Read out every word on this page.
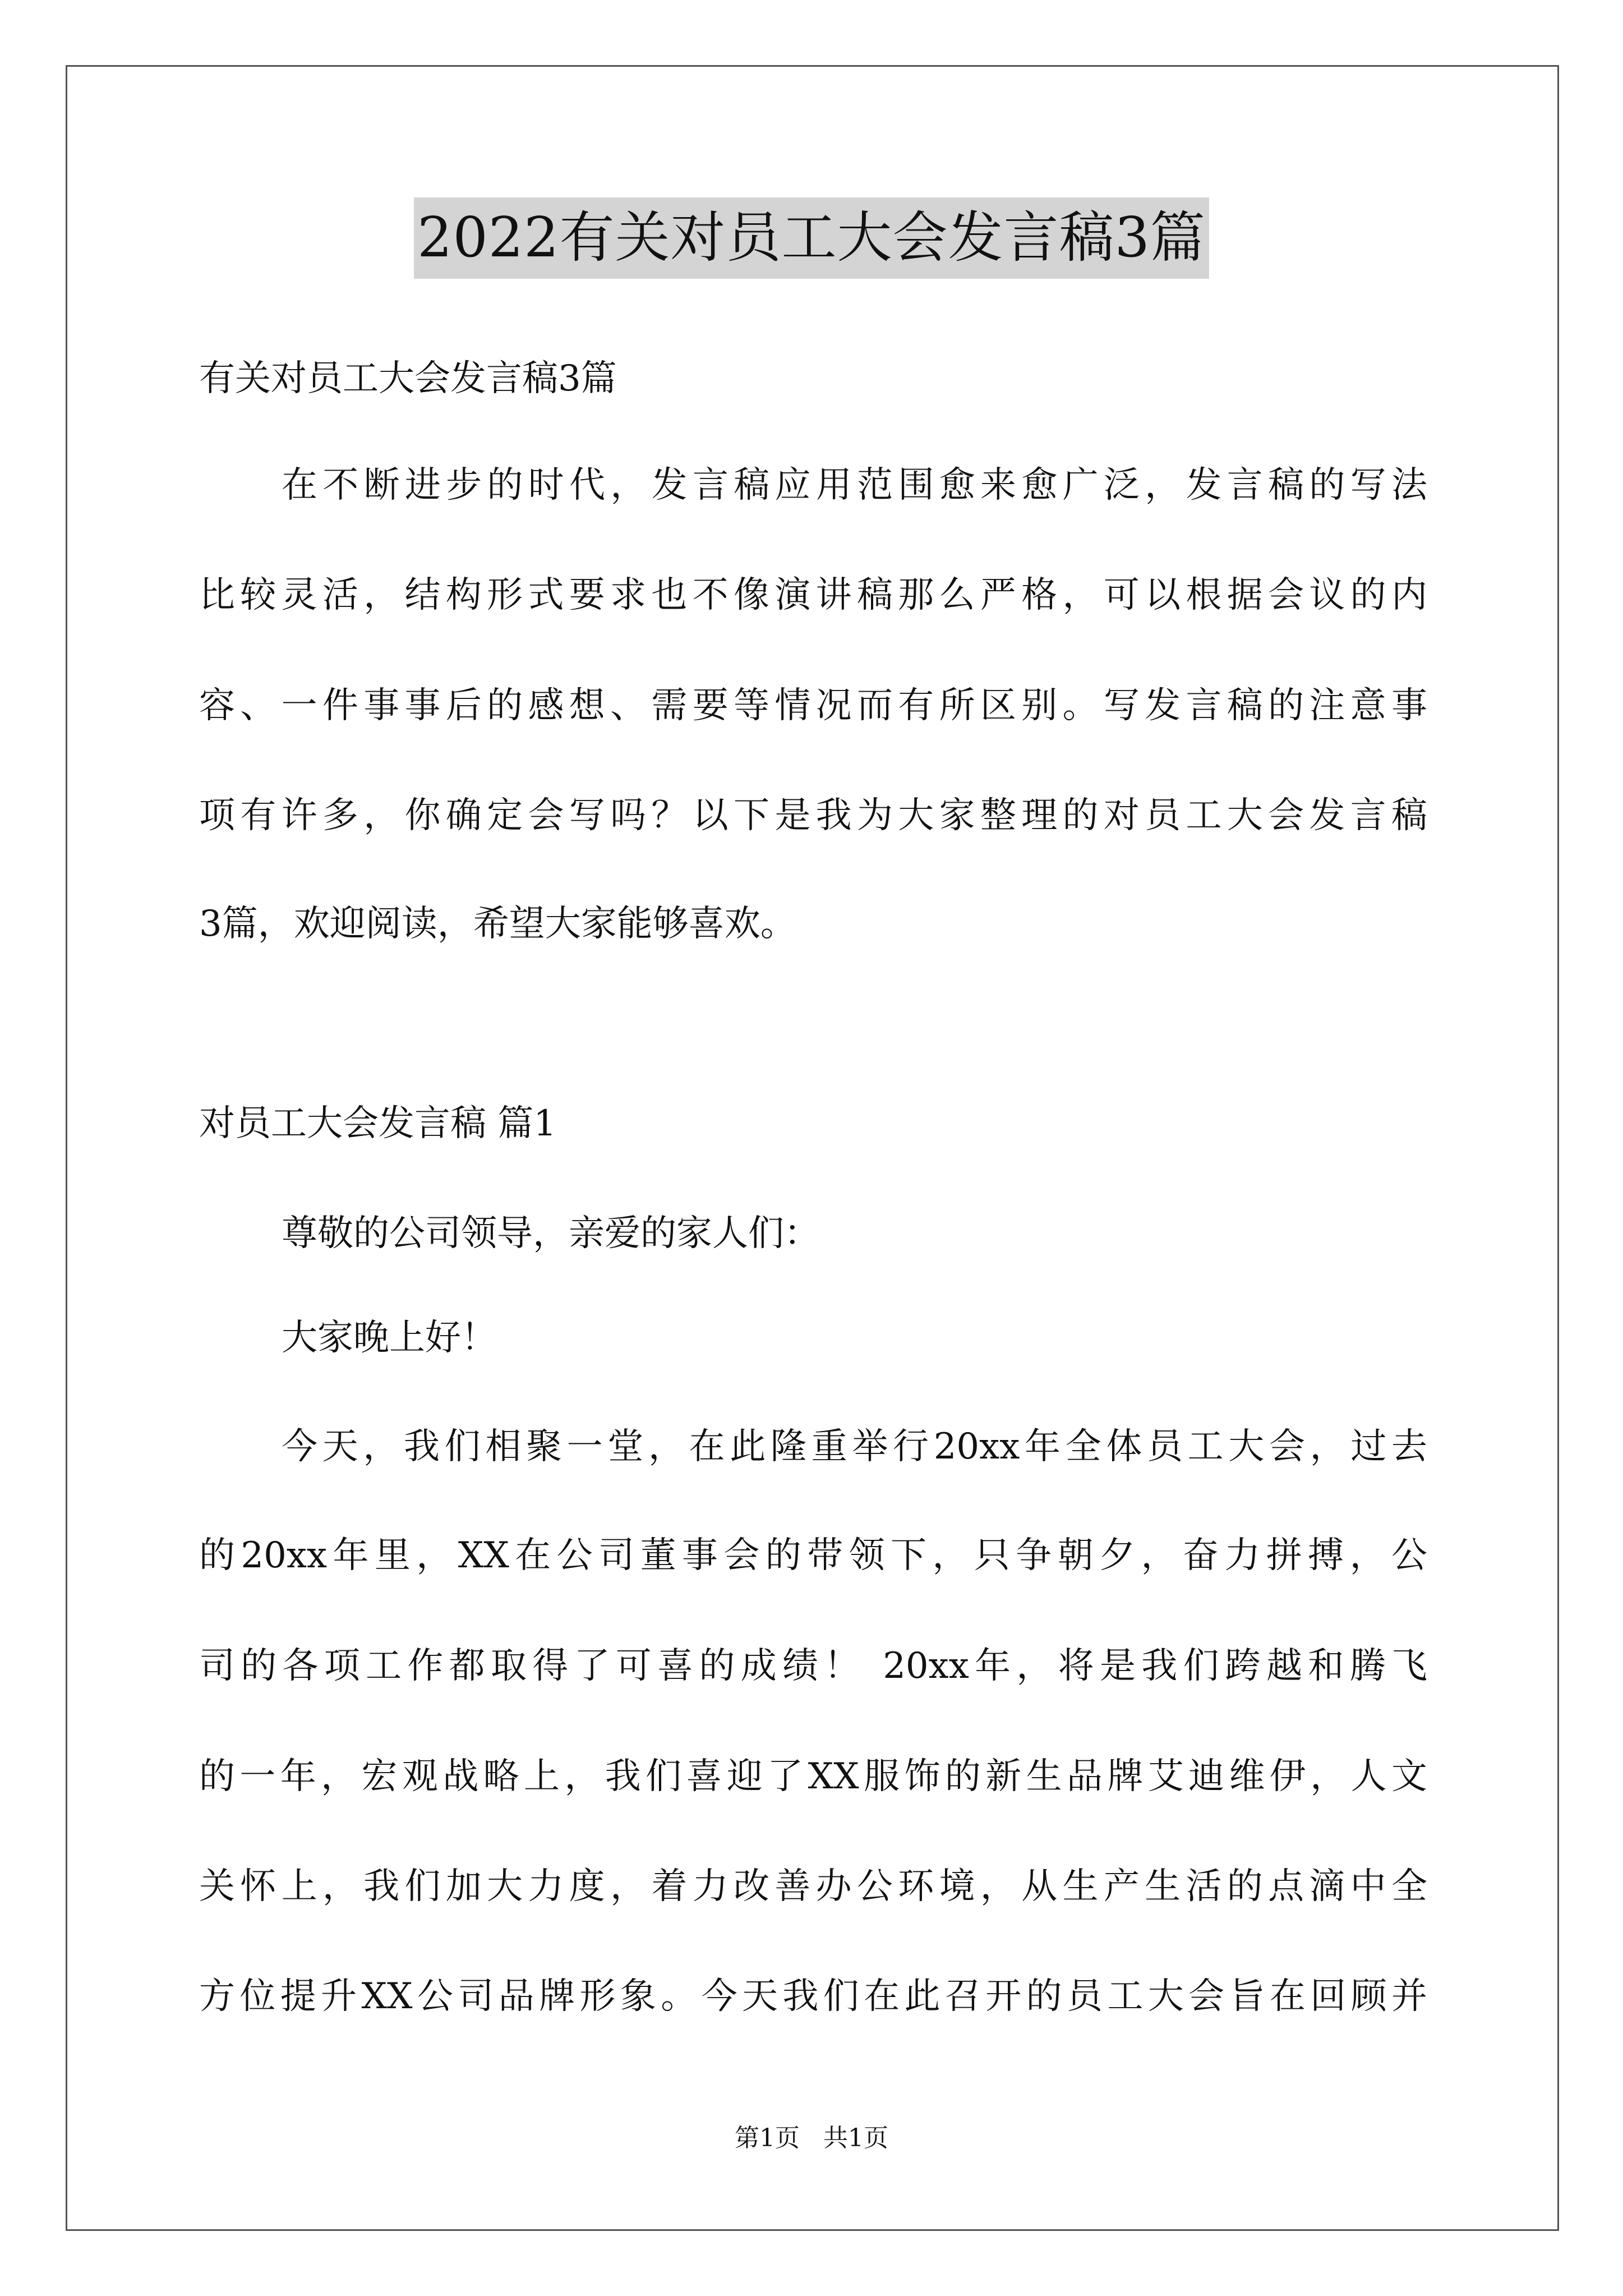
2022有关对员工大会发言稿3篇
有关对员工大会发言稿3篇
在不断进步的时代，发言稿应用范围愈来愈广泛，发言稿的写法
比较灵活，结构形式要求也不像演讲稿那么严格，可以根据会议的内
容、一件事事后的感想、需要等情况而有所区别。写发言稿的注意事
项有许多，你确定会写吗？以下是我为大家整理的对员工大会发言稿
3篇，欢迎阅读，希望大家能够喜欢。
对员工大会发言稿 篇1
尊敬的公司领导，亲爱的家人们：
大家晚上好！
今天，我们相聚一堂，在此隆重举行20xx年全体员工大会，过去
的20xx年里，XX在公司董事会的带领下，只争朝夕，奋力拼搏，公
司的各项工作都取得了可喜的成绩！ 20xx年，将是我们跨越和腾飞
的一年，宏观战略上，我们喜迎了XX服饰的新生品牌艾迪维伊，人文
关怀上，我们加大力度，着力改善办公环境，从生产生活的点滴中全
方位提升XX公司品牌形象。今天我们在此召开的员工大会旨在回顾并
第1页   共1页
